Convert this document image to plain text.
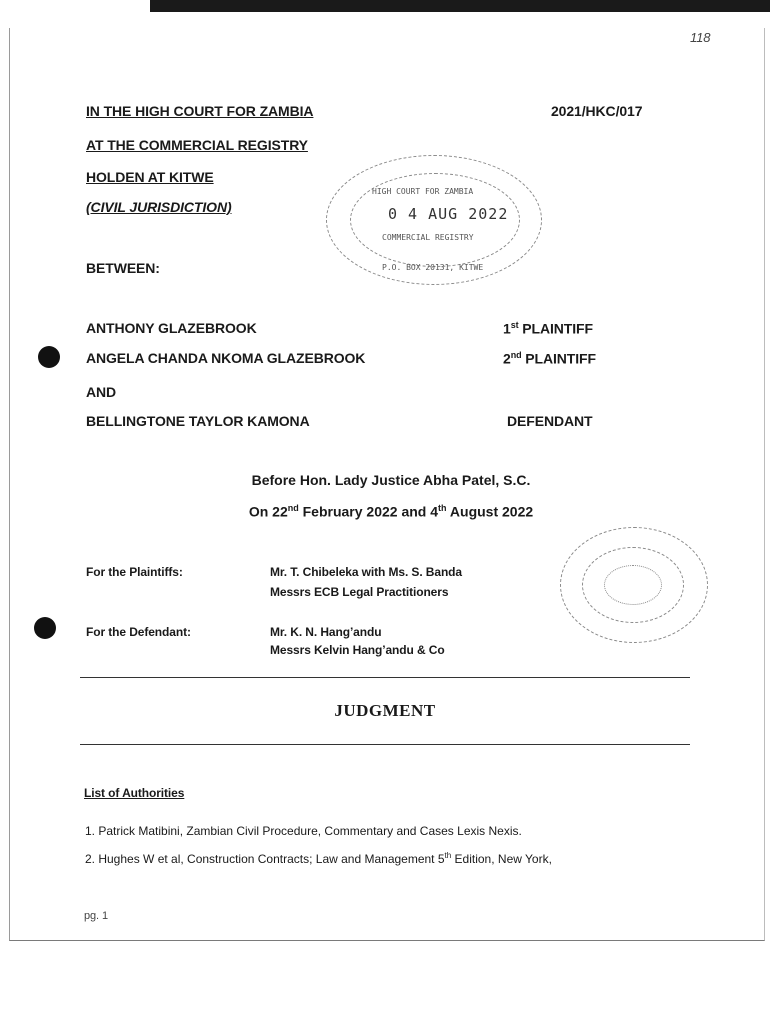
118
IN THE HIGH COURT FOR ZAMBIA	2021/HKC/017
AT THE COMMERCIAL REGISTRY
HOLDEN AT KITWE
(CIVIL JURISDICTION)
HIGH COURT FOR ZAMBIA
0 4 AUG 2022
COMMERCIAL REGISTRY
P.O. BOX 20131, KITWE
BETWEEN:
ANTHONY GLAZEBROOK	1st PLAINTIFF
ANGELA CHANDA NKOMA GLAZEBROOK	2nd PLAINTIFF
AND
BELLINGTONE TAYLOR KAMONA	DEFENDANT
Before Hon. Lady Justice Abha Patel, S.C.
On 22nd February 2022 and 4th August 2022
For the Plaintiffs:	Mr. T. Chibeleka with Ms. S. Banda
Messrs ECB Legal Practitioners
For the Defendant:	Mr. K. N. Hang’andu
Messrs Kelvin Hang’andu & Co
JUDGMENT
List of Authorities
1. Patrick Matibini, Zambian Civil Procedure, Commentary and Cases Lexis Nexis.
2. Hughes W et al, Construction Contracts; Law and Management 5th Edition, New York,
pg. 1
